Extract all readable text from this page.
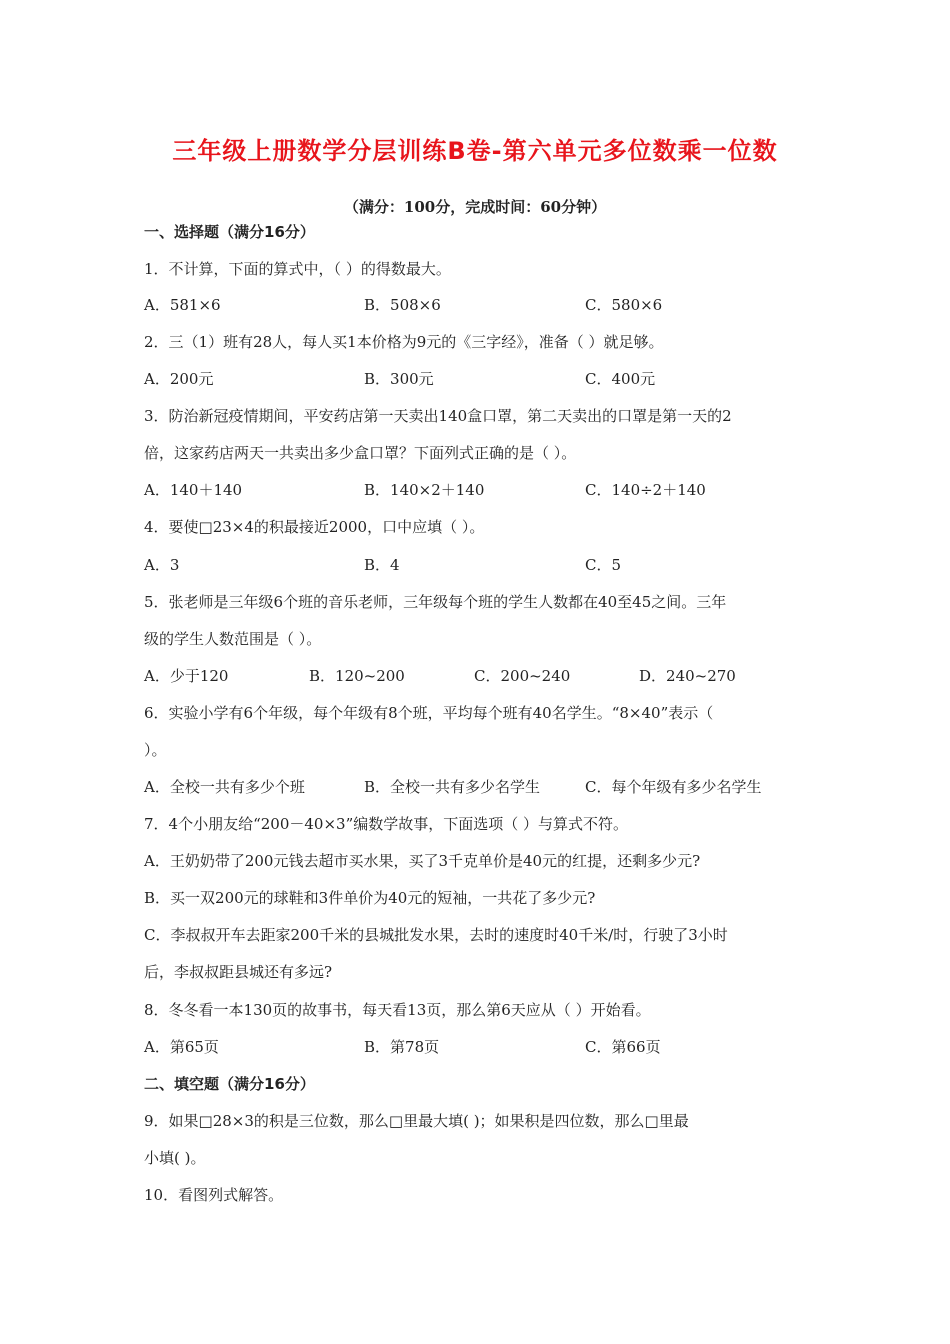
三年级上册数学分层训练B卷-第六单元多位数乘一位数
（满分：100分，完成时间：60分钟）
一、选择题（满分16分）
1．不计算，下面的算式中，（ ）的得数最大。
A．581×6	B．508×6	C．580×6
2．三（1）班有28人，每人买1本价格为9元的《三字经》，准备（ ）就足够。
A．200元	B．300元	C．400元
3．防治新冠疫情期间，平安药店第一天卖出140盒口罩，第二天卖出的口罩是第一天的2
倍，这家药店两天一共卖出多少盒口罩？下面列式正确的是（ ）。
A．140＋140	B．140×2＋140	C．140÷2＋140
4．要使□23×4的积最接近2000，口中应填（ ）。
A．3	B．4	C．5
5．张老师是三年级6个班的音乐老师，三年级每个班的学生人数都在40至45之间。三年
级的学生人数范围是（ ）。
A．少于120	B．120~200	C．200~240	D．240~270
6．实验小学有6个年级，每个年级有8个班，平均每个班有40名学生。“8×40”表示（
）。
A．全校一共有多少个班	B．全校一共有多少名学生	C．每个年级有多少名学生
7．4个小朋友给“200－40×3”编数学故事，下面选项（ ）与算式不符。
A．王奶奶带了200元钱去超市买水果，买了3千克单价是40元的红提，还剩多少元?
B．买一双200元的球鞋和3件单价为40元的短袖，一共花了多少元?
C．李叔叔开车去距家200千米的县城批发水果，去时的速度时40千米/时，行驶了3小时
后，李叔叔距县城还有多远?
8．冬冬看一本130页的故事书，每天看13页，那么第6天应从（ ）开始看。
A．第65页	B．第78页	C．第66页
二、填空题（满分16分）
9．如果□28×3的积是三位数，那么□里最大填( )；如果积是四位数，那么□里最
小填( )。
10．看图列式解答。
